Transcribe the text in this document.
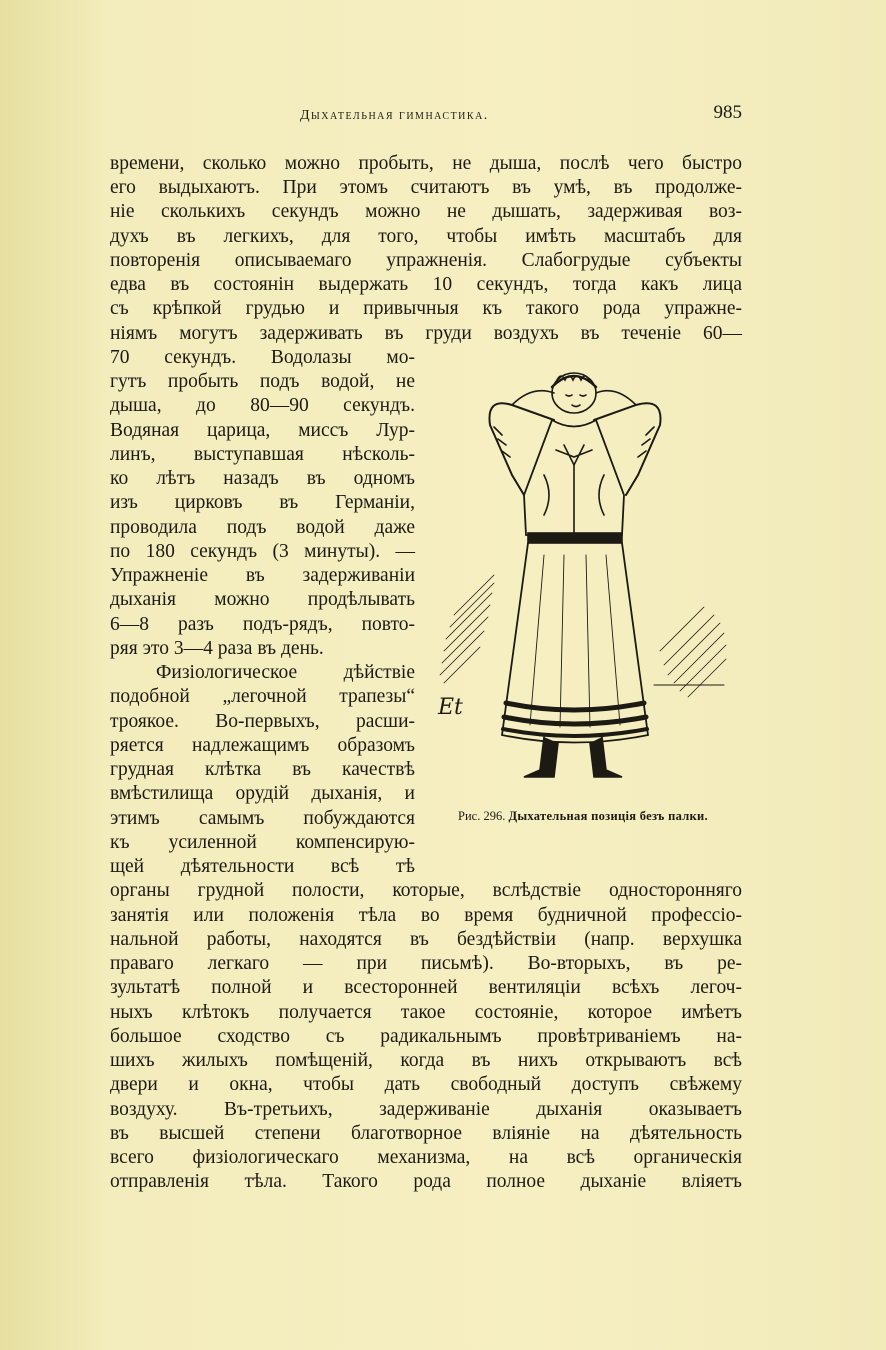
Дыхательная гимнастика.	985
времени, сколько можно пробыть, не дыша, послѣ чего быстро
его выдыхаютъ. При этомъ считаютъ въ умѣ, въ продолже-
ніе сколькихъ секундъ можно не дышать, задерживая воз-
духъ въ легкихъ, для того, чтобы имѣть масштабъ для
повторенія описываемаго упражненія. Слабогрудые субъекты
едва въ состоянін выдержать 10 секундъ, тогда какъ лица
съ крѣпкой грудью и привычныя къ такого рода упражне-
ніямъ могутъ задерживать въ груди воздухъ въ теченіе 60—
70 секундъ. Водолазы мо-
гутъ пробыть подъ водой, не
дыша, до 80—90 секундъ.
Водяная царица, миссъ Лур-
линъ, выступавшая нѣсколь-
ко лѣтъ назадъ въ одномъ
изъ цирковъ въ Германіи,
проводила подъ водой даже
по 180 секундъ (3 минуты). —
Упражненіе въ задерживаніи
дыханія можно продѣлывать
6—8 разъ подъ-рядъ, повто-
ряя это 3—4 раза въ день.
Физіологическое дѣйствіе
подобной „легочной трапезы“
троякое. Во-первыхъ, расши-
ряется надлежащимъ образомъ
грудная клѣтка въ качествѣ
вмѣстилища орудій дыханія, и
этимъ самымъ побуждаются
къ усиленной компенсирую-
щей дѣятельности всѣ тѣ
органы грудной полости, которые, вслѣдствіе односторонняго
занятія или положенія тѣла во время будничной профессіо-
нальной работы, находятся въ бездѣйствіи (напр. верхушка
праваго легкаго — при письмѣ). Во-вторыхъ, въ ре-
зультатѣ полной и всесторонней вентиляціи всѣхъ легоч-
ныхъ клѣтокъ получается такое состояніе, которое имѣетъ
большое сходство съ радикальнымъ провѣтриваніемъ на-
шихъ жилыхъ помѣщеній, когда въ нихъ открываютъ всѣ
двери и окна, чтобы дать свободный доступъ свѣжему
воздуху. Въ-третьихъ, задерживаніе дыханія оказываетъ
въ высшей степени благотворное вліяніе на дѣятельность
всего физіологическаго механизма, на всѣ органическія
отправленія тѣла. Такого рода полное дыханіе вліяетъ
Et
Рис. 296. Дыхательная позиція безъ палки.
